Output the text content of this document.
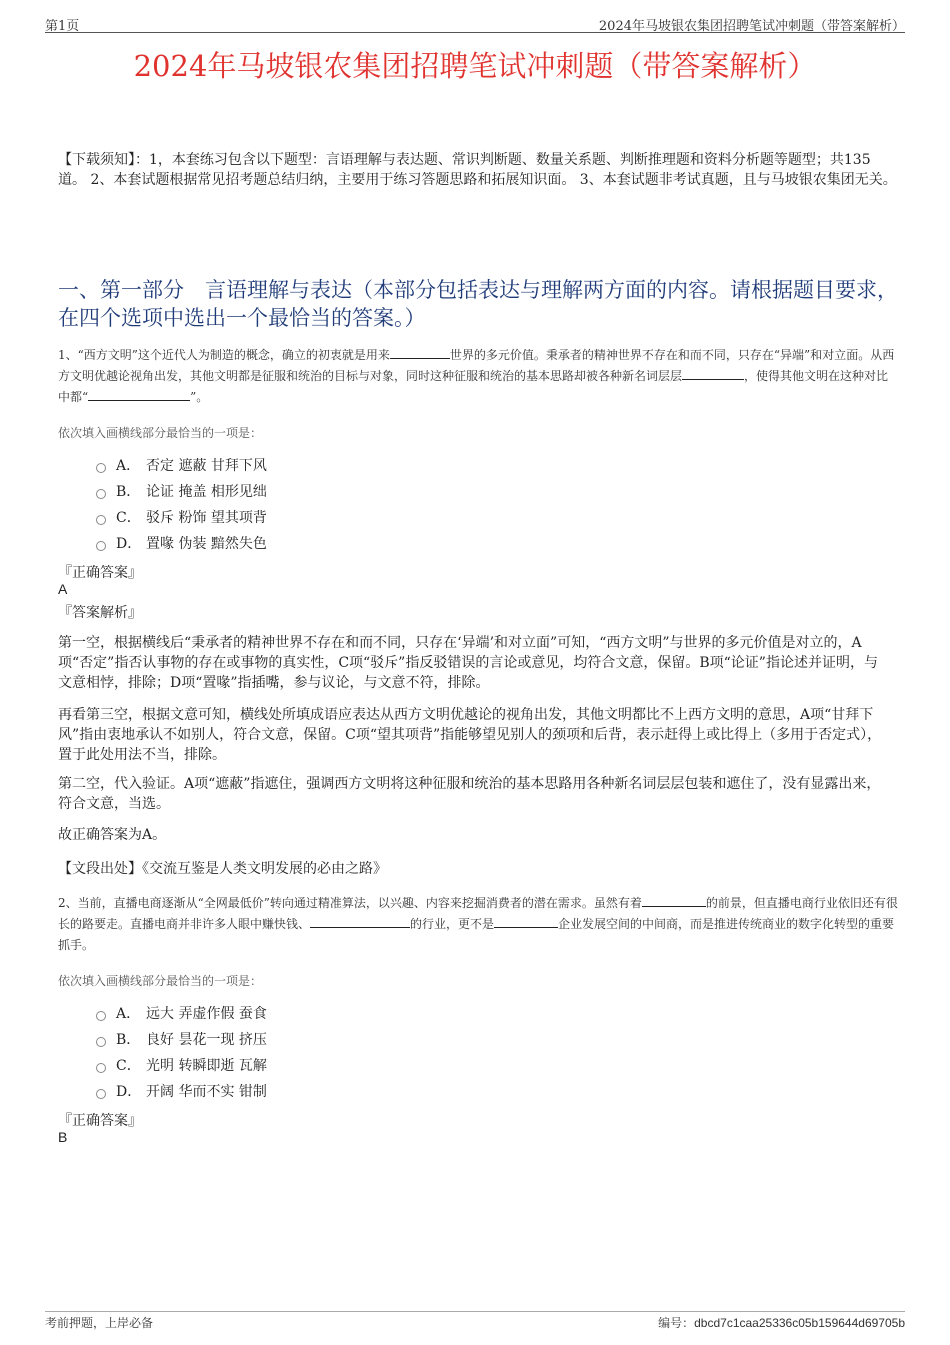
第1页	2024年马坡银农集团招聘笔试冲刺题（带答案解析）
2024年马坡银农集团招聘笔试冲刺题（带答案解析）
【下载须知】：1，本套练习包含以下题型：言语理解与表达题、常识判断题、数量关系题、判断推理题和资料分析题等题型；共135道。 2、本套试题根据常见招考题总结归纳，主要用于练习答题思路和拓展知识面。 3、本套试题非考试真题，且与马坡银农集团无关。
一、第一部分　言语理解与表达（本部分包括表达与理解两方面的内容。请根据题目要求，在四个选项中选出一个最恰当的答案。）
1、“西方文明”这个近代人为制造的概念，确立的初衷就是用来	世界的多元价值。秉承者的精神世界不存在和而不同，只存在“异端”和对立面。从西方文明优越论视角出发，其他文明都是征服和统治的目标与对象，同时这种征服和统治的基本思路却被各种新名词层层	，使得其他文明在这种对比中都“	”。
依次填入画横线部分最恰当的一项是：
A． 否定 遮蔽 甘拜下风
B． 论证 掩盖 相形见绌
C． 驳斥 粉饰 望其项背
D． 置喙 伪装 黯然失色
『正确答案』
A
『答案解析』
第一空，根据横线后“秉承者的精神世界不存在和而不同，只存在‘异端’和对立面”可知，“西方文明”与世界的多元价值是对立的，A项“否定”指否认事物的存在或事物的真实性，C项“驳斥”指反驳错误的言论或意见，均符合文意，保留。B项“论证”指论述并证明，与文意相悖，排除；D项“置喙”指插嘴，参与议论，与文意不符，排除。
再看第三空，根据文意可知，横线处所填成语应表达从西方文明优越论的视角出发，其他文明都比不上西方文明的意思，A项“甘拜下风”指由衷地承认不如别人，符合文意，保留。C项“望其项背”指能够望见别人的颈项和后背，表示赶得上或比得上（多用于否定式），置于此处用法不当，排除。
第二空，代入验证。A项“遮蔽”指遮住，强调西方文明将这种征服和统治的基本思路用各种新名词层层包装和遮住了，没有显露出来，符合文意，当选。
故正确答案为A。
【文段出处】《交流互鉴是人类文明发展的必由之路》
2、当前，直播电商逐渐从“全网最低价”转向通过精准算法，以兴趣、内容来挖掘消费者的潜在需求。虽然有着	的前景，但直播电商行业依旧还有很长的路要走。直播电商并非许多人眼中赚快钱、	的行业，更不是	企业发展空间的中间商，而是推进传统商业的数字化转型的重要抓手。
依次填入画横线部分最恰当的一项是：
A． 远大 弄虚作假 蚕食
B． 良好 昙花一现 挤压
C． 光明 转瞬即逝 瓦解
D． 开阔 华而不实 钳制
『正确答案』
B
考前押题，上岸必备	编号：dbcd7c1caa25336c05b159644d69705b
